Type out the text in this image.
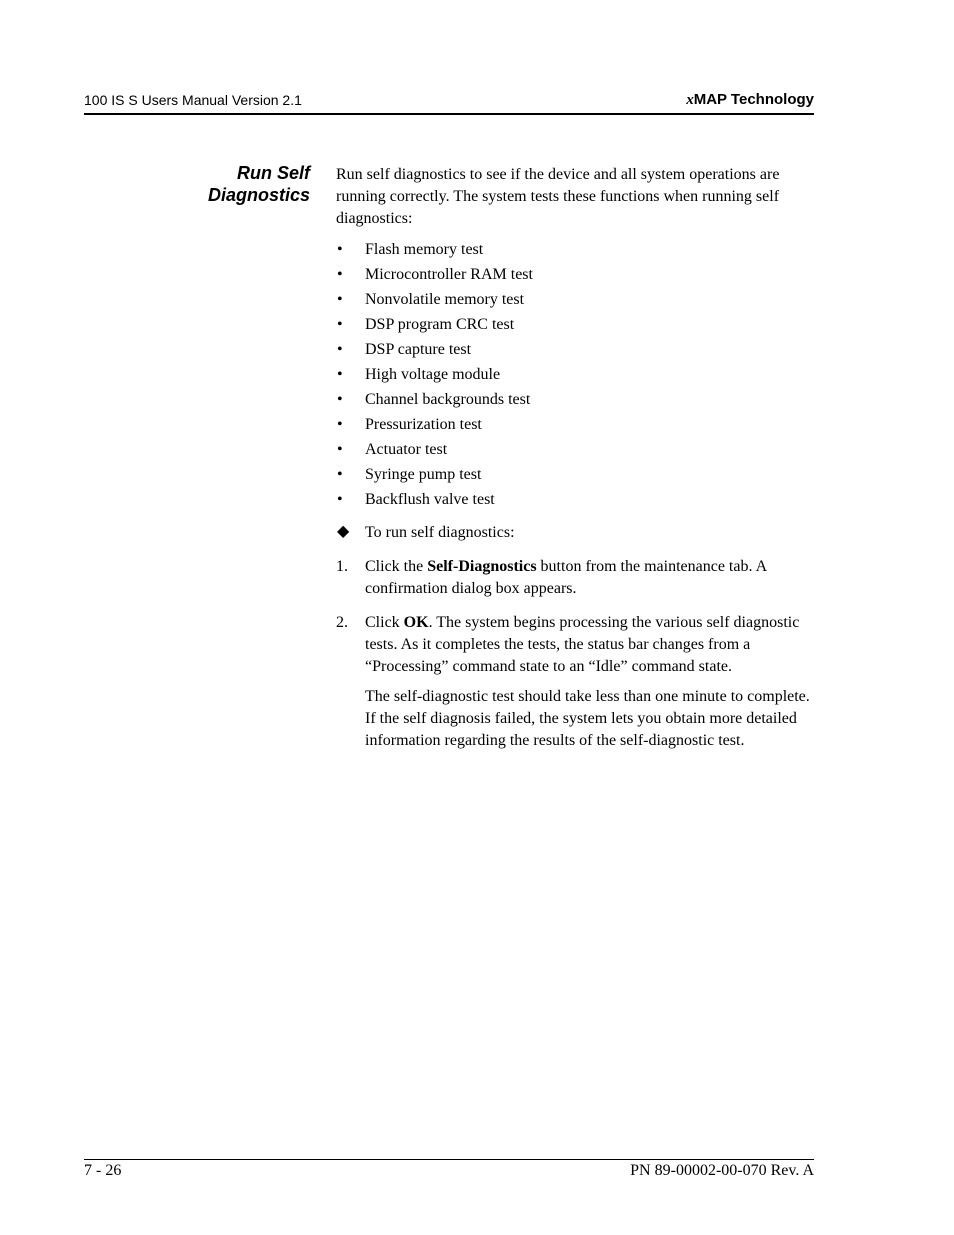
100 IS S Users Manual Version 2.1	xMAP Technology
Run Self
Diagnostics

Run self diagnostics to see if the device and all system operations are running correctly. The system tests these functions when running self diagnostics:

• Flash memory test
• Microcontroller RAM test
• Nonvolatile memory test
• DSP program CRC test
• DSP capture test
• High voltage module
• Channel backgrounds test
• Pressurization test
• Actuator test
• Syringe pump test
• Backflush valve test
◆ To run self diagnostics:
1. Click the Self-Diagnostics button from the maintenance tab. A confirmation dialog box appears.
2. Click OK. The system begins processing the various self diagnostic tests. As it completes the tests, the status bar changes from a “Processing” command state to an “Idle” command state.

The self-diagnostic test should take less than one minute to complete. If the self diagnosis failed, the system lets you obtain more detailed information regarding the results of the self-diagnostic test.

7 - 26	PN 89-00002-00-070 Rev. A
